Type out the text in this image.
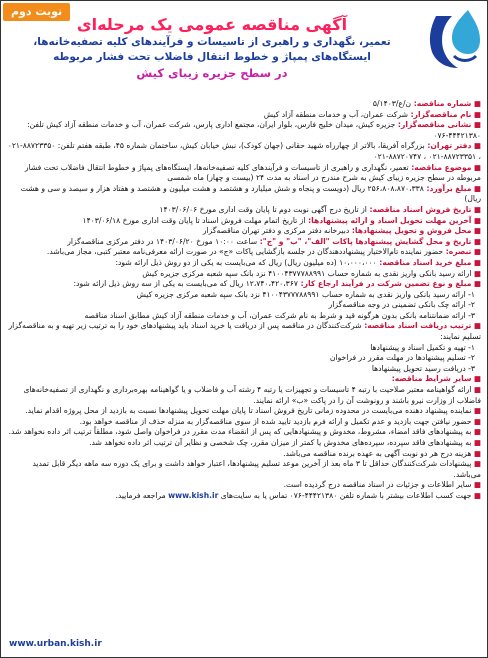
نوبت دوم
آگهی مناقصه عمومی یک مرحله‌ای
تعمیر، نگهداری و راهبری از تاسیسات و فرآیندهای کلیه تصفیه‌خانه‌ها،
ایستگاه‌های پمپاژ و خطوط انتقال فاضلاب تحت فشار مربوطه
در سطح جزیره زیبای کیش

■ شماره مناقصه: ن/ع/۵/۱۴۰۳

■ نام مناقصه‌گزار: شرکت عمران، آب و خدمات منطقه آزاد کیش

■ نشانی مناقصه‌گزار: جزیره کیش، میدان خلیج فارس، بلوار ایران، مجتمع اداری پارس، شرکت عمران، آب و خدمات منطقه آزاد کیش تلفن: ۴۴۴۲۱۳۸۰-۰۷۶

■ دفتر تهران: بزرگراه آفریقا، بالاتر از چهارراه شهید حقانی (جهان کودک)، نبش خیابان کیش، ساختمان شماره ۴۵، طبقه هفتم تلفن: ۸۸۷۲۳۳۵۰-۰۲۱ ، ۸۸۷۲۳۳۵۱-۰۲۱ ، ۸۸۷۲۰۷۴۷-۰۲۱

■ موضوع مناقصه: تعمیر، نگهداری و راهبری از تاسیسات و فرآیندهای کلیه تصفیه‌خانه‌ها، ایستگاه‌های پمپاژ و خطوط انتقال فاضلاب تحت فشار مربوطه در سطح جزیره زیبای کیش به شرح مندرج در اسناد به مدت ۲۴ (بیست و چهار) ماه شمسی

■ مبلغ برآورد: ۲۵۶،۸۰۸،۸۷۰،۳۳۸ ریال (دویست و پنجاه و شش میلیارد و هشتصد و هشت میلیون و هشتصد و هفتاد هزار و سیصد و سی و هشت ریال)

■ تاریخ فروش اسناد مناقصه: از تاریخ درج آگهی نوبت دوم تا پایان وقت اداری مورخ ۱۴۰۳/۰۶/۰۶

■ آخرین مهلت تحویل اسناد و ارائه پیشنهادها: از تاریخ اتمام مهلت فروش اسناد تا پایان وقت اداری مورخ ۱۴۰۳/۰۶/۱۸

■ محل فروش و تحویل پیشنهادها: دبیرخانه دفتر مرکزی و دفتر تهران مناقصه‌گزار

■ تاریخ و محل گشایش پیشنهادها پاکات "الف"، "ب" و "ج": ساعت ۱۰:۰۰ مورخ ۱۴۰۳/۰۶/۲۰ در دفتر مرکزی مناقصه‌گزار

■ تبصره: حضور نماینده تام‌الاختیار پیشنهاددهندگان در جلسه بازگشایی پاکات «ج» در صورت ارائه معرفی‌نامه معتبر کتبی، مجاز می‌باشد.

■ مبلغ خرید اسناد مناقصه: ۱۰،۰۰۰،۰۰۰ (ده میلیون ریال) ریال که می‌بایست به یکی از دو روش ذیل ارائه شود:

■ ارائه رسید بانکی واریز نقدی به شماره حساب ۴۱۰۰۴۳۷۷۷۸۸۹۹۱ نزد بانک سپه شعبه مرکزی جزیره کیش

■ مبلغ و نوع تضمین شرکت در فرآیند ارجاع کار: ۱۲،۷۴۰،۴۲۰،۳۶۷ ریال که می‌بایست به یکی از سه روش ذیل ارائه شود:

۱- ارائه رسید بانکی واریز نقدی به شماره حساب ۴۱۰۰۴۳۷۷۷۸۸۹۹۱ نزد بانک سپه شعبه مرکزی جزیره کیش

۲- ارائه چک بانکی تضمینی در وجه مناقصه‌گزار

۳- ارائه ضمانتنامه بانکی بدون هرگونه قید و شرط به نام شرکت عمران، آب و خدمات منطقه آزاد کیش مطابق اسناد مناقصه

■ ترتیب دریافت اسناد مناقصه: شرکت‌کنندگان در مناقصه پس از دریافت یا خرید اسناد باید پیشنهادهای خود را به ترتیب زیر تهیه و به مناقصه‌گزار تسلیم نمایند:

۱- تهیه و تکمیل اسناد و پیشنهادها

۲- تسلیم پیشنهادها در مهلت مقرر در فراخوان

۳- دریافت رسید تحویل پیشنهادها

■ سایر شرایط مناقصه:

■ ارائه گواهینامه معتبر صلاحیت با رتبه ۴ تاسیسات و تجهیزات یا رتبه ۴ رشته آب و فاضلاب و یا گواهینامه بهره‌برداری و نگهداری از تصفیه‌خانه‌های فاضلاب از وزارت نیرو باشند و رونوشت آن را در پاکت «ب» ارائه نمایند.

■ نماینده پیشنهاد دهنده می‌بایست در محدوده زمانی تاریخ فروش اسناد تا پایان مهلت تحویل پیشنهادها نسبت به بازدید از محل پروژه اقدام نماید.

■ حضور نیافتن جهت بازدید و عدم تکمیل و ارائه فرم بازدید تایید شده از سوی مناقصه‌گزار به منزله حذف از مناقصه خواهد بود.

■ به پیشنهادهای فاقد امضاء، مشروط، مخدوش و پیشنهادهایی که پس از انقضاء مدت مقرر در فراخوان واصل شود، مطلقاً ترتیب اثر داده نخواهد شد.

■ به پیشنهادهای فاقد سپرده، سپرده‌های مخدوش یا کمتر از میزان مقرر، چک شخصی و نظایر آن ترتیب اثر داده نخواهد شد.

■ هزینه درج هر دو نوبت آگهی به عهده برنده مناقصه می‌باشد.

■ پیشنهادات شرکت‌کنندگان حداقل تا ۳ ماه بعد از آخرین موعد تسلیم پیشنهادها، اعتبار خواهد داشت و برای یک دوره سه ماهه دیگر قابل تمدید می‌باشد.

■ سایر اطلاعات و جزئیات در اسناد مناقصه درج گردیده است.

■ جهت کسب اطلاعات بیشتر با شماره تلفن ۴۴۴۲۱۳۸۰-۰۷۶ تماس یا به سایت‌های www.kish.ir مراجعه فرمایید.

www.urban.kish.ir
